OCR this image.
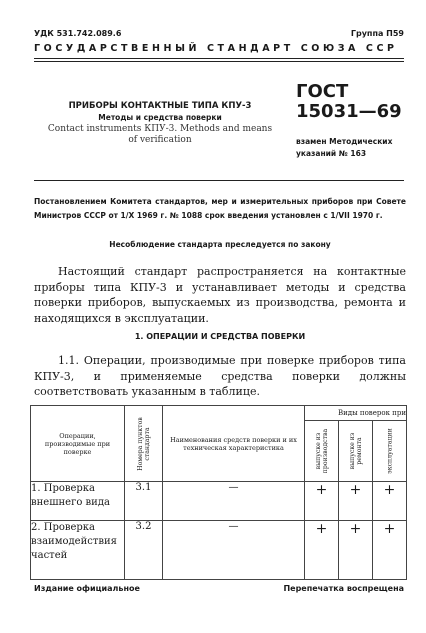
УДК 531.742.089.6	Группа П59
ГОСУДАРСТВЕННЫЙ СТАНДАРТ СОЮЗА ССР
ПРИБОРЫ КОНТАКТНЫЕ ТИПА КПУ-3
Методы и средства поверки
Contact instruments КПУ-3. Methods and means
of verification
ГОСТ
15031—69
взамен Методических
указаний № 163
Постановлением Комитета стандартов, мер и измерительных приборов при Совете Министров СССР от 1/X 1969 г. № 1088 срок введения установлен с 1/VII 1970 г.
Несоблюдение стандарта преследуется по закону
Настоящий стандарт распространяется на контактные приборы типа КПУ-3 и устанавливает методы и средства поверки приборов, выпускаемых из производства, ремонта и находящихся в эксплуатации.
1. ОПЕРАЦИИ И СРЕДСТВА ПОВЕРКИ
1.1. Операции, производимые при поверке приборов типа КПУ-3, и применяемые средства поверки должны соответствовать указанным в таблице.
Операции, производимые при поверке	Номера пунктов стандарта	Наименования средств поверки и их техническая характеристика	Виды поверок при		

			выпуске из производства	выпуске из ремонта	эксплуатации

1. Проверка внешнего вида	3.1	—	+	+	+
2. Проверка взаимодействия частей	3.2	—	+	+	+
Издание официальное	Перепечатка воспрещена
